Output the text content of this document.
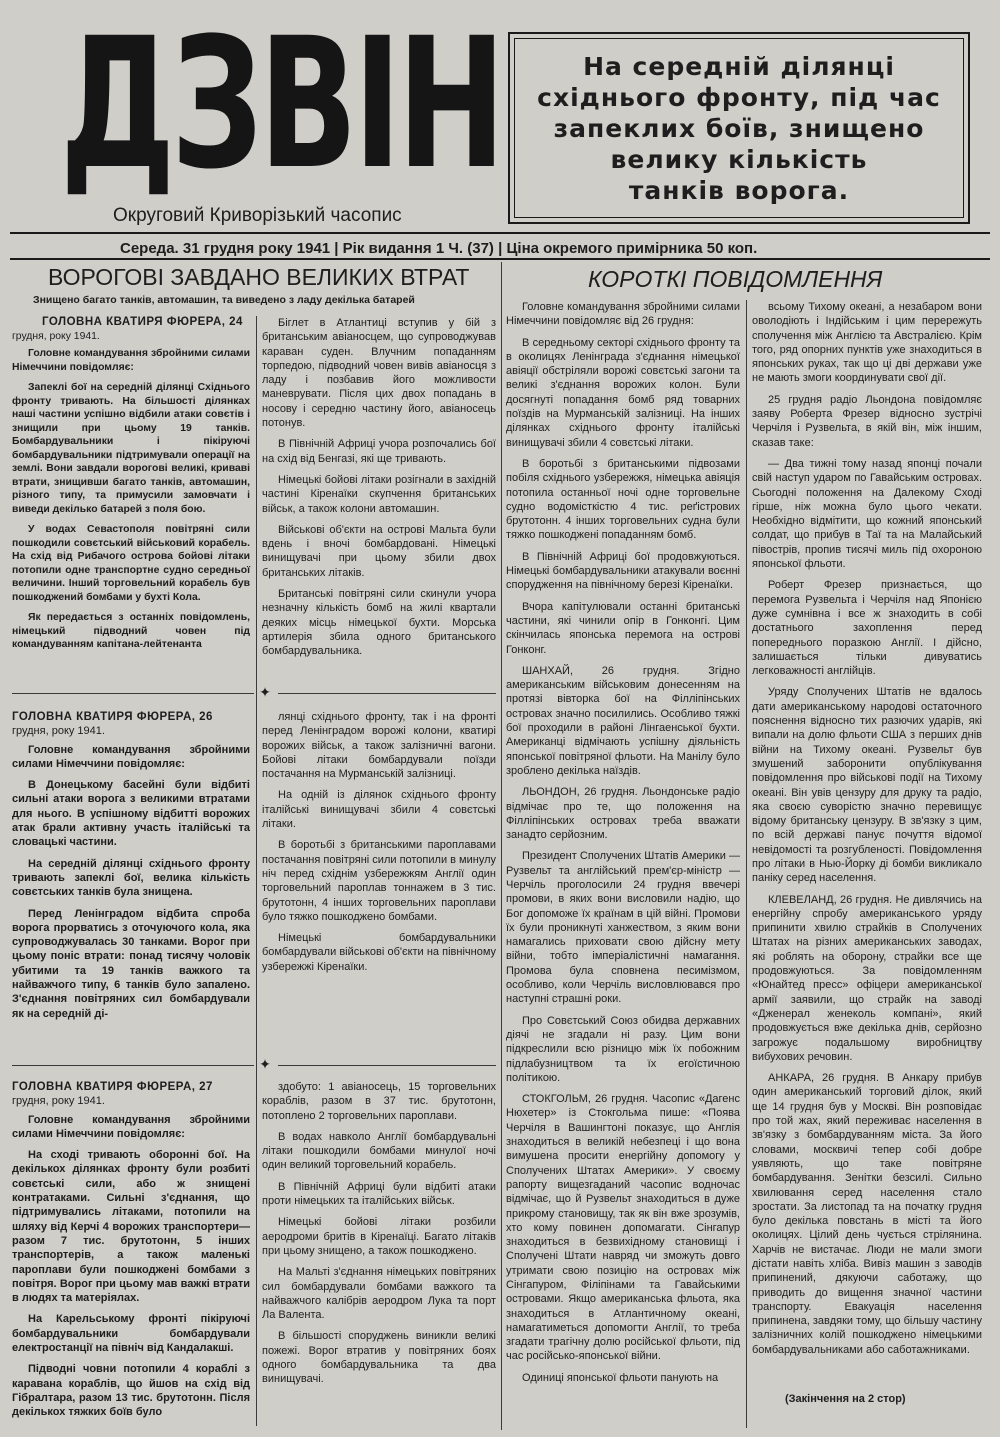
ДЗВІН
Округовий Криворізький часопис
На середній ділянці
східнього фронту, під час
запеклих боїв, знищено
велику кількість
танків ворога.
Середа. 31 грудня року 1941 | Рік видання 1 Ч. (37) | Ціна окремого примірника 50 коп.
ВОРОГОВІ ЗАВДАНО ВЕЛИКИХ ВТРАТ
Знищено багато танків, автомашин, та виведено з ладу декілька батарей

ГОЛОВНА КВАТИРЯ ФЮРЕРА, 24

грудня, року 1941.

Головне командування збройними силами Німеччини повідомляє:

Запеклі бої на середній ділянці Східнього фронту тривають. На більшості ділянках наші частини успішно відбили атаки совєтів і знищили при цьому 19 танків. Бомбардувальники і пікіруючі бомбардувальники підтримували операції на землі. Вони завдали ворогові великі, криваві втрати, знищивши багато танків, автомашин, різного типу, та примусили замовчати і виведи декілько батарей з поля бою.

У водах Севастополя повітряні сили пошкодили совєтський військовий корабель. На схід від Рибачого острова бойові літаки потопили одне транспортне судно середньої величини. Інший торговельний корабель був пошкоджений бомбами у бухті Кола.

Як передається з останніх повідомлень, німецький підводний човен під командуванням капітана-лейтенанта

Біглет в Атлантиці вступив у бій з британським авіаносцем, що супроводжував караван суден. Влучним попаданням торпедою, підводний човен вивів авіаносця з ладу і позбавив його можливости маневрувати. Після цих двох попадань в носову і середню частину його, авіаносець потонув.

В Північній Африці учора розпочались бої на схід від Бенгазі, які ще тривають.

Німецькі бойові літаки розігнали в західній частині Кіренаїки скупчення британських військ, а також колони автомашин.

Військові об'єкти на острові Мальта були вдень і вночі бомбардовані. Німецькі винищувачі при цьому збили двох британських літаків.

Британські повітряні сили скинули учора незначну кількість бомб на жилі квартали деяких місць німецької бухти. Морська артилерія збила одного британського бомбардувальника.

✦

ГОЛОВНА КВАТИРЯ ФЮРЕРА, 26

грудня, року 1941.

Головне командування збройними силами Німеччини повідомляє:

В Донецькому басейні були відбиті сильні атаки ворога з великими втратами для нього. В успішному відбитті ворожих атак брали активну участь італійські та словацькі частини.

На середній ділянці східнього фронту тривають запеклі бої, велика кількість совєтських танків була знищена.

Перед Ленінградом відбита спроба ворога прорватись з оточуючого кола, яка супроводжувалась 30 танками. Ворог при цьому поніс втрати: понад тисячу чоловік убитими та 19 танків важкого та найважчого типу, 6 танків було запалено. З'єднання повітряних сил бомбардували як на середній ді-

лянці східнього фронту, так і на фронті перед Ленінградом ворожі колони, кватирі ворожих військ, а також залізничні вагони. Бойові літаки бомбардували поїзди постачання на Мурманській залізниці.

На одній із ділянок східнього фронту італійські винищувачі збили 4 совєтські літаки.

В боротьбі з британськими пароплавами постачання повітряні сили потопили в минулу ніч перед східнім узбережжям Англії один торговельний пароплав тоннажем в 3 тис. брутотонн, 4 інших торговельних пароплави було тяжко пошкоджено бомбами.

Німецькі бомбардувальники бомбардували військові об'єкти на північному узбережжі Кіренаїки.

✦

ГОЛОВНА КВАТИРЯ ФЮРЕРА, 27

грудня, року 1941.

Головне командування збройними силами Німеччини повідомляє:

На сході тривають оборонні бої. На декількох ділянках фронту були розбиті совєтські сили, або ж знищені контратаками. Сильні з'єднання, що підтримувались літаками, потопили на шляху від Керчі 4 ворожих транспортери—разом 7 тис. брутотонн, 5 інших транспортерів, а також маленькі пароплави були пошкоджені бомбами з повітря. Ворог при цьому мав важкі втрати в людях та матеріялах.

На Карельському фронті пікіруючі бомбардувальники бомбардували електростанції на північ від Кандалакші.

Підводні човни потопили 4 кораблі з каравана кораблів, що йшов на схід від Гібралтара, разом 13 тис. брутотонн. Після декількох тяжких боїв було

здобуто: 1 авіаносець, 15 торговельних кораблів, разом в 37 тис. брутотонн, потоплено 2 торговельних пароплави.

В водах навколо Англії бомбардувальні літаки пошкодили бомбами минулої ночі один великий торговельний корабель.

В Північній Африці були відбиті атаки проти німецьких та італійських військ.

Німецькі бойові літаки розбили аеродроми бритів в Кіренаїці. Багато літаків при цьому знищено, а також пошкоджено.

На Мальті з'єднання німецьких повітряних сил бомбардували бомбами важкого та найважчого калібрів аеродром Лука та порт Ла Валента.

В більшості споруджень виникли великі пожежі. Ворог втратив у повітряних боях одного бомбардувальника та два винищувачі.

КОРОТКІ ПОВІДОМЛЕННЯ

Головне командування збройними силами Німеччини повідомляє від 26 грудня:

В середньому секторі східнього фронту та в околицях Ленінграда з'єднання німецької авіяції обстріляли ворожі совєтські загони та великі з'єднання ворожих колон. Були досягнуті попадання бомб ряд товарних поїздів на Мурманській залізниці. На інших ділянках східнього фронту італійські винищувачі збили 4 совєтські літаки.

В боротьбі з британськими підвозами побіля східнього узбережжя, німецька авіяція потопила останньої ночі одне торговельне судно водомісткістю 4 тис. реґістрових брутотонн. 4 інших торговельних судна були тяжко пошкоджені попаданням бомб.

В Північній Африці бої продовжуються. Німецькі бомбардувальники атакували воєнні спорудження на північному березі Кіренаїки.

Вчора капітулювали останні британські частини, які чинили опір в Гонконгі. Цим скінчилась японська перемога на острові Гонконг.

ШАНХАЙ, 26 грудня. Згідно американським військовим донесенням на протязі вівторка бої на Філліпінських островах значно посилились. Особливо тяжкі бої проходили в районі Лінгаенської бухти. Американці відмічають успішну діяльність японської повітряної фльоти. На Манілу було зроблено декілька наїздів.

ЛЬОНДОН, 26 грудня. Льондонське радіо відмічає про те, що положення на Філліпінських островах треба вважати занадто серйозним.

Президент Сполучених Штатів Америки — Рузвельт та англійський прем'єр-міністр — Черчіль проголосили 24 грудня ввечері промови, в яких вони висловили надію, що Бог допоможе їх країнам в цій війні. Промови їх були проникнуті ханжеством, з яким вони намагались приховати свою дійсну мету війни, тобто імперіалістичні намагання. Промова була сповнена песимізмом, особливо, коли Черчіль висловлювався про наступні страшні роки.

Про Совєтський Союз обидва державних діячі не згадали ні разу. Цим вони підкреслили всю різницю між їх побожним підлабузництвом та їх егоїстичною політикою.

СТОКГОЛЬМ, 26 грудня. Часопис «Дагенс Нюхетер» із Стокгольма пише: «Поява Черчіля в Вашингтоні показує, що Англія знаходиться в великій небезпеці і що вона вимушена просити енергійну допомогу у Сполучених Штатах Америки». У своєму рапорту вищезгаданий часопис водночас відмічає, що й Рузвельт знаходиться в дуже прикрому становищу, так як він вже зрозумів, хто кому повинен допомагати. Сінгапур знаходиться в безвихідному становищі і Сполучені Штати навряд чи зможуть довго утримати свою позицію на островах між Сінгапуром, Філіпінами та Гавайськими островами. Якщо американська фльота, яка знаходиться в Атлантичному океані, намагатиметься допомогти Англії, то треба згадати трагічну долю російської фльоти, під час російсько-японської війни.

Одиниці японської фльоти панують на

всьому Тихому океані, а незабаром вони оволодіють і Індійським і цим перережуть сполучення між Англією та Австралією. Крім того, ряд опорних пунктів уже знаходиться в японських руках, так що ці дві держави уже не мають змоги координувати свої дії.

25 грудня радіо Льондона повідомляє заяву Роберта Фрезер відносно зустрічі Черчіля і Рузвельта, в якій він, між іншим, сказав таке:

— Два тижні тому назад японці почали свій наступ ударом по Гавайським островах. Сьогодні положення на Далекому Сході гірше, ніж можна було цього чекати. Необхідно відмітити, що кожний японський солдат, що прибув в Таї та на Малайський півострів, пропив тисячі миль під охороною японської фльоти.

Роберт Фрезер признається, що перемога Рузвельта і Черчіля над Японією дуже сумнівна і все ж знаходить в собі достатнього захоплення перед попереднього поразкою Англії. І дійсно, залишається тільки дивуватись легковажності англійців.

Уряду Сполучених Штатів не вдалось дати американському народові остаточного пояснення відносно тих разючих ударів, які випали на долю фльоти США з перших днів війни на Тихому океані. Рузвельт був змушений заборонити опублікування повідомлення про військові події на Тихому океані. Він увів цензуру для друку та радіо, яка своєю суворістю значно перевищує відому британську цензуру. В зв'язку з цим, по всій державі панує почуття відомої невідомості та розгубленості. Повідомлення про літаки в Нью-Йорку ді бомби викликало паніку серед населення.

КЛЕВЕЛАНД, 26 грудня. Не дивлячись на енергійну спробу американського уряду припинити хвилю страйків в Сполучених Штатах на різних американських заводах, які роблять на оборону, страйки все ще продовжуються. За повідомленням «Юнайтед пресс» офіцери американської армії заявили, що страйк на заводі «Дженерал женеколь компані», який продовжується вже декілька днів, серйозно загрожує подальшому виробництву вибухових речовин.

АНКАРА, 26 грудня. В Анкару прибув один американський торговий ділок, який ще 14 грудня був у Москві. Він розповідає про той жах, який переживає населення в зв'язку з бомбардуванням міста. За його словами, москвичі тепер собі добре уявляють, що таке повітряне бомбардування. Зенітки безсилі. Сильно хвилювання серед населення стало зростати. За листопад та на початку грудня було декілька повстань в місті та його околицях. Цілий день чується стрілянина. Харчів не вистачає. Люди не мали змоги дістати навіть хліба. Вивіз машин з заводів припинений, дякуючи саботажу, що приводить до вищення значної частини транспорту. Евакуація населення припинена, завдяки тому, що більшу частину залізничних колій пошкоджено німецькими бомбардувальниками або саботажниками.

(Закінчення на 2 стор)
